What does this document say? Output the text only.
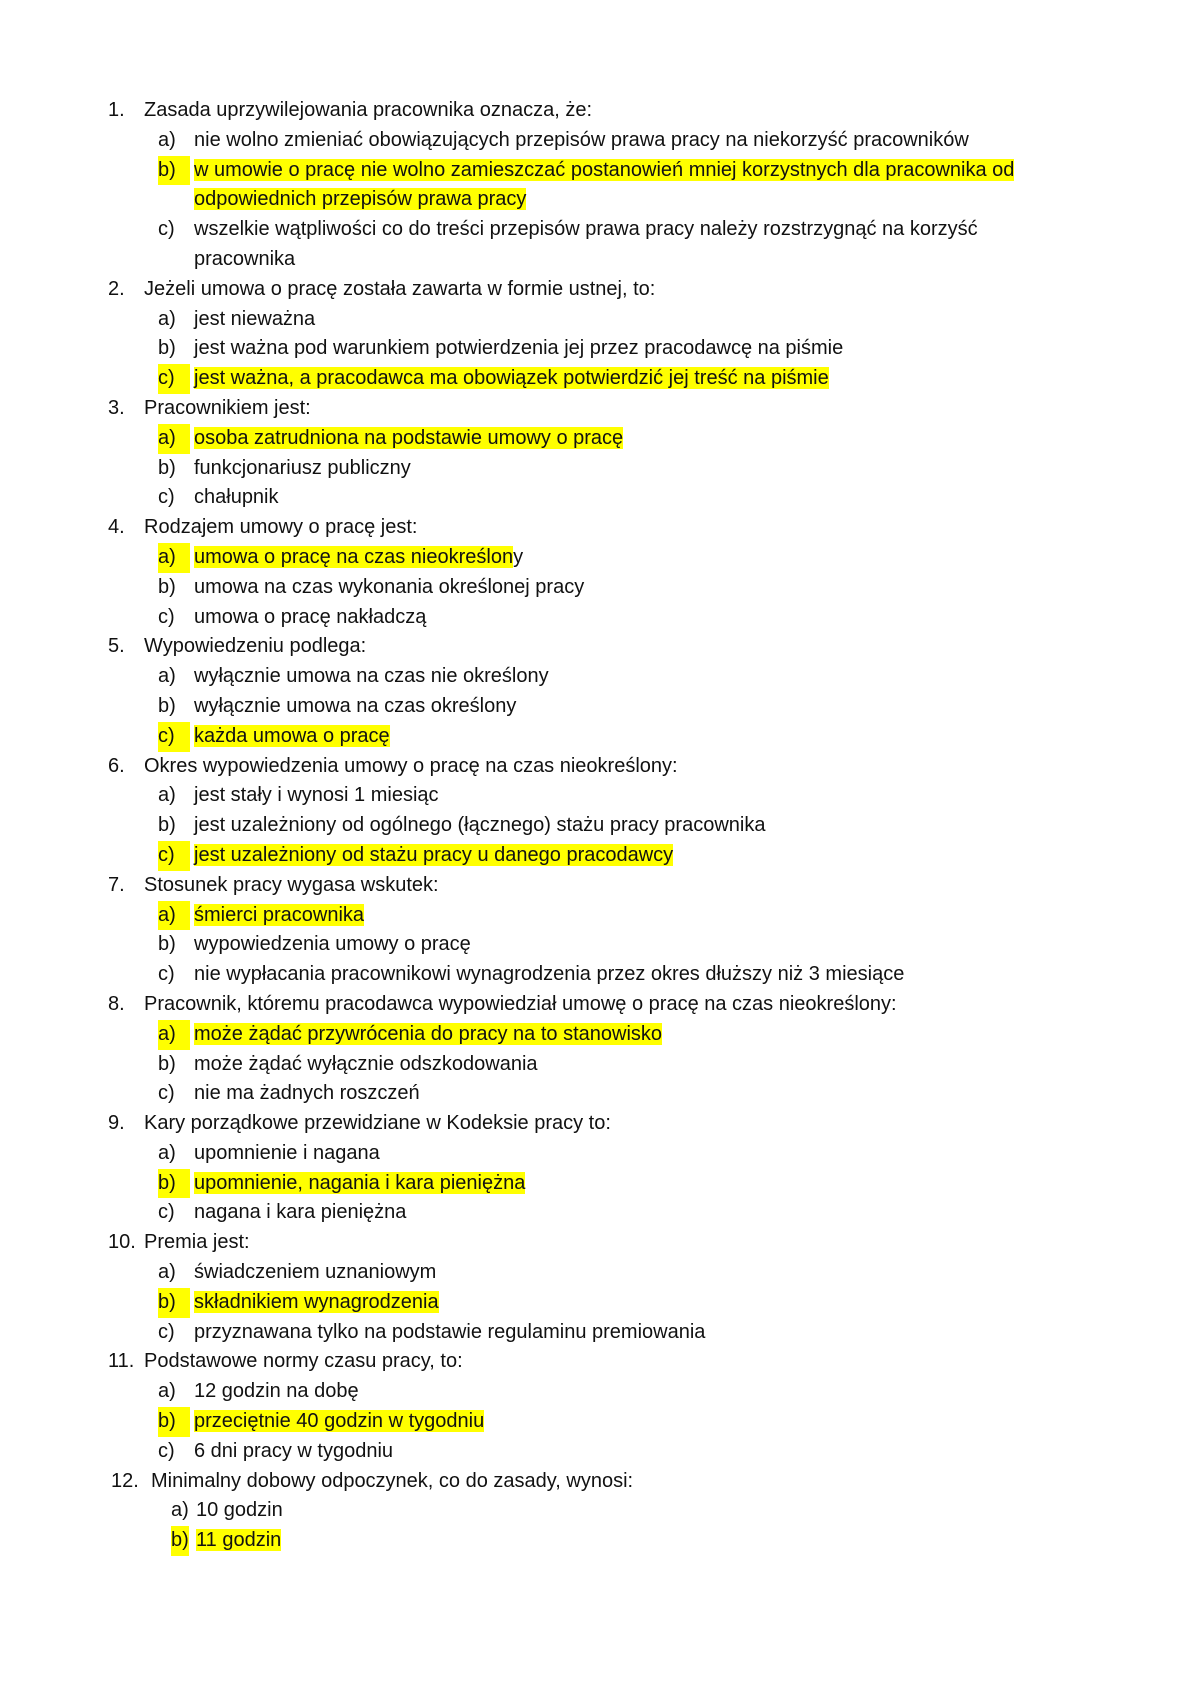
1. Zasada uprzywilejowania pracownika oznacza, że:
a) nie wolno zmieniać obowiązujących przepisów prawa pracy na niekorzyść pracowników
b) w umowie o pracę nie wolno zamieszczać postanowień mniej korzystnych dla pracownika od
odpowiednich przepisów prawa pracy
c) wszelkie wątpliwości co do treści przepisów prawa pracy należy rozstrzygnąć na korzyść
pracownika
2. Jeżeli umowa o pracę została zawarta w formie ustnej, to:
a) jest nieważna
b) jest ważna pod warunkiem potwierdzenia jej przez pracodawcę na piśmie
c) jest ważna, a pracodawca ma obowiązek potwierdzić jej treść na piśmie
3. Pracownikiem jest:
a) osoba zatrudniona na podstawie umowy o pracę
b) funkcjonariusz publiczny
c) chałupnik
4. Rodzajem umowy o pracę jest:
a) umowa o pracę na czas nieokreślony
b) umowa na czas wykonania określonej pracy
c) umowa o pracę nakładczą
5. Wypowiedzeniu podlega:
a) wyłącznie umowa na czas nie określony
b) wyłącznie umowa na czas określony
c) każda umowa o pracę
6. Okres wypowiedzenia umowy o pracę na czas nieokreślony:
a) jest stały i wynosi 1 miesiąc
b) jest uzależniony od ogólnego (łącznego) stażu pracy pracownika
c) jest uzależniony od stażu pracy u danego pracodawcy
7. Stosunek pracy wygasa wskutek:
a) śmierci pracownika
b) wypowiedzenia umowy o pracę
c) nie wypłacania pracownikowi wynagrodzenia przez okres dłuższy niż 3 miesiące
8. Pracownik, któremu pracodawca wypowiedział umowę o pracę na czas nieokreślony:
a) może żądać przywrócenia do pracy na to stanowisko
b) może żądać wyłącznie odszkodowania
c) nie ma żadnych roszczeń
9. Kary porządkowe przewidziane w Kodeksie pracy to:
a) upomnienie i nagana
b) upomnienie, nagania i kara pieniężna
c) nagana i kara pieniężna
10. Premia jest:
a) świadczeniem uznaniowym
b) składnikiem wynagrodzenia
c) przyznawana tylko na podstawie regulaminu premiowania
11. Podstawowe normy czasu pracy, to:
a) 12 godzin na dobę
b) przeciętnie 40 godzin w tygodniu
c) 6 dni pracy w tygodniu
12. Minimalny dobowy odpoczynek, co do zasady, wynosi:
a) 10 godzin
b) 11 godzin
